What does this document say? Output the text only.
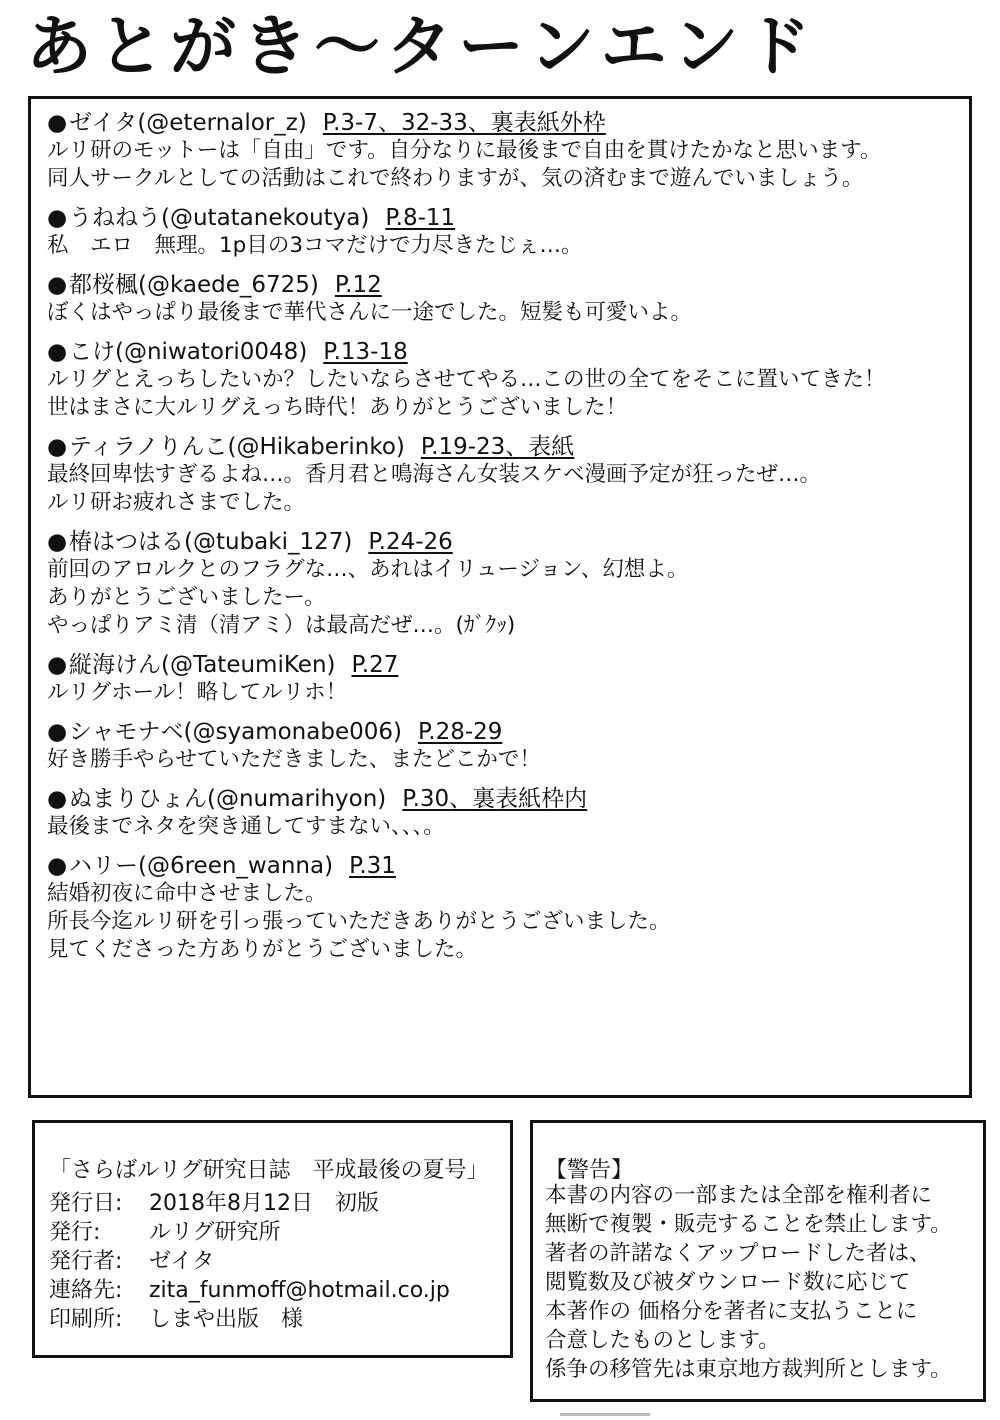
あとがき〜ターンエンド
●ゼイタ(@eternalor_z) P.3-7、32-33、裏表紙外枠
ルリ研のモットーは「自由」です。自分なりに最後まで自由を貫けたかなと思います。
同人サークルとしての活動はこれで終わりますが、気の済むまで遊んでいましょう。
●うねねう(@utatanekoutya) P.8-11
私　エロ　無理。1p目の3コマだけで力尽きたじぇ…。
●都桜楓(@kaede_6725) P.12
ぼくはやっぱり最後まで華代さんに一途でした。短髪も可愛いよ。
●こけ(@niwatori0048) P.13-18
ルリグとえっちしたいか？したいならさせてやる…この世の全てをそこに置いてきた！
世はまさに大ルリグえっち時代！ありがとうございました！
●ティラノりんこ(@Hikaberinko) P.19-23、表紙
最終回卑怯すぎるよね…。香月君と鳴海さん女装スケベ漫画予定が狂ったぜ…。
ルリ研お疲れさまでした。
●椿はつはる(@tubaki_127) P.24-26
前回のアロルクとのフラグな…、あれはイリュージョン、幻想よ。
ありがとうございましたー。
やっぱりアミ清（清アミ）は最高だぜ…。(ｶﾞｸｯ)
●縦海けん(@TateumiKen) P.27
ルリグホール！略してルリホ！
●シャモナベ(@syamonabe006) P.28-29
好き勝手やらせていただきました、またどこかで！
●ぬまりひょん(@numarihyon) P.30、裏表紙枠内
最後までネタを突き通してすまない、、、。
●ハリー(@6reen_wanna) P.31
結婚初夜に命中させました。
所長今迄ルリ研を引っ張っていただきありがとうございました。
見てくださった方ありがとうございました。
「さらばルリグ研究日誌　平成最後の夏号」
発行日:	2018年8月12日　初版
発行:	ルリグ研究所
発行者:	ゼイタ
連絡先:	zita_funmoff@hotmail.co.jp
印刷所:	しまや出版　様
【警告】
本書の内容の一部または全部を権利者に
無断で複製・販売することを禁止します。
著者の許諾なくアップロードした者は、
閲覧数及び被ダウンロード数に応じて
本著作の 価格分を著者に支払うことに
合意したものとします。
係争の移管先は東京地方裁判所とします。
